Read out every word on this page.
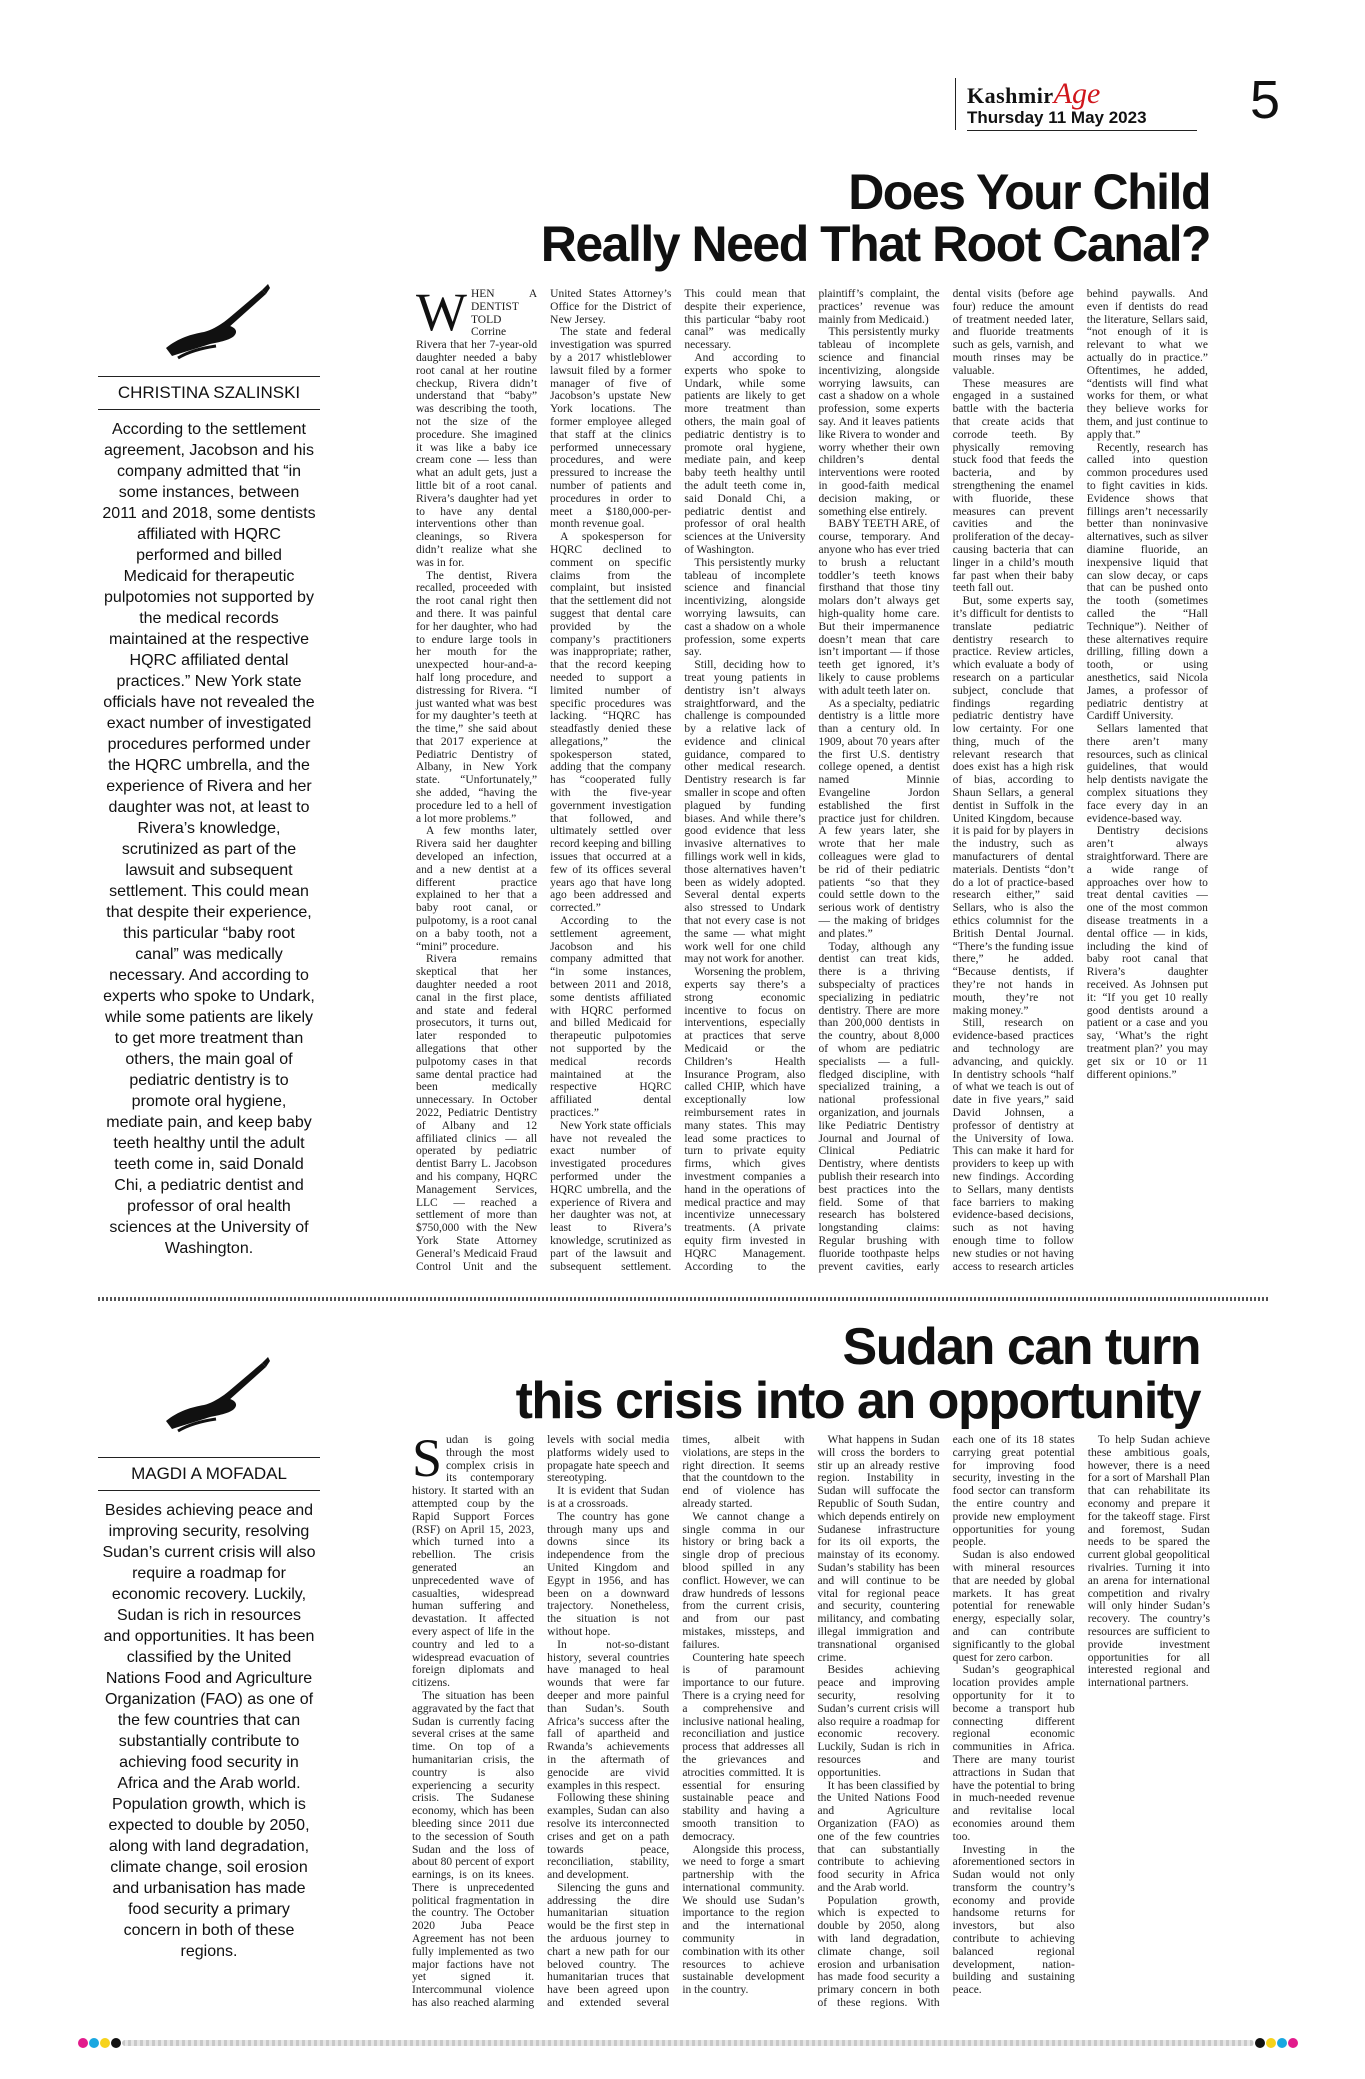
KashmirAge
Thursday 11 May 2023 5
Does Your Child
Really Need That Root Canal?
CHRISTINA SZALINSKI

According to the settlement agreement, Jacobson and his company admitted that “in some instances, between 2011 and 2018, some dentists affiliated with HQRC performed and billed Medicaid for therapeutic pulpotomies not supported by the medical records maintained at the respective HQRC affiliated dental practices.” New York state officials have not revealed the exact number of investigated procedures performed under the HQRC umbrella, and the experience of Rivera and her daughter was not, at least to Rivera’s knowledge, scrutinized as part of the lawsuit and subsequent settlement. This could mean that despite their experience, this particular “baby root canal” was medically necessary. And according to experts who spoke to Undark, while some patients are likely to get more treatment than others, the main goal of pediatric dentistry is to promote oral hygiene, mediate pain, and keep baby teeth healthy until the adult teeth come in, said Donald Chi, a pediatric dentist and professor of oral health sciences at the University of Washington.

WHEN A DENTIST TOLD Corrine Rivera that her 7-year-old daughter needed a baby root canal at her routine checkup, Rivera didn’t understand that “baby” was describing the tooth, not the size of the procedure. She imagined it was like a baby ice cream cone — less than what an adult gets, just a little bit of a root canal. Rivera’s daughter had yet to have any dental interventions other than cleanings, so Rivera didn’t realize what she was in for.

The dentist, Rivera recalled, proceeded with the root canal right then and there. It was painful for her daughter, who had to endure large tools in her mouth for the unexpected hour-and-a-half long procedure, and distressing for Rivera. “I just wanted what was best for my daughter’s teeth at the time,” she said about that 2017 experience at Pediatric Dentistry of Albany, in New York state. “Unfortunately,” she added, “having the procedure led to a hell of a lot more problems.”

A few months later, Rivera said her daughter developed an infection, and a new dentist at a different practice explained to her that a baby root canal, or pulpotomy, is a root canal on a baby tooth, not a “mini” procedure.

Rivera remains skeptical that her daughter needed a root canal in the first place, and state and federal prosecutors, it turns out, later responded to allegations that other pulpotomy cases in that same dental practice had been medically unnecessary. In October 2022, Pediatric Dentistry of Albany and 12 affiliated clinics — all operated by pediatric dentist Barry L. Jacobson and his company, HQRC Management Services, LLC — reached a settlement of more than $750,000 with the New York State Attorney General’s Medicaid Fraud Control Unit and the United States Attorney’s Office for the District of New Jersey.

The state and federal investigation was spurred by a 2017 whistleblower lawsuit filed by a former manager of five of Jacobson’s upstate New York locations. The former employee alleged that staff at the clinics performed unnecessary procedures, and were pressured to increase the number of patients and procedures in order to meet a $180,000-per-month revenue goal.

A spokesperson for HQRC declined to comment on specific claims from the complaint, but insisted that the settlement did not suggest that dental care provided by the company’s practitioners was inappropriate; rather, that the record keeping needed to support a limited number of specific procedures was lacking. “HQRC has steadfastly denied these allegations,” the spokesperson stated, adding that the company has “cooperated fully with the five-year government investigation that followed, and ultimately settled over record keeping and billing issues that occurred at a few of its offices several years ago that have long ago been addressed and corrected.”

According to the settlement agreement, Jacobson and his company admitted that “in some instances, between 2011 and 2018, some dentists affiliated with HQRC performed and billed Medicaid for therapeutic pulpotomies not supported by the medical records maintained at the respective HQRC affiliated dental practices.”

New York state officials have not revealed the exact number of investigated procedures performed under the HQRC umbrella, and the experience of Rivera and her daughter was not, at least to Rivera’s knowledge, scrutinized as part of the lawsuit and subsequent settlement. This could mean that despite their experience, this particular “baby root canal” was medically necessary.

And according to experts who spoke to Undark, while some patients are likely to get more treatment than others, the main goal of pediatric dentistry is to promote oral hygiene, mediate pain, and keep baby teeth healthy until the adult teeth come in, said Donald Chi, a pediatric dentist and professor of oral health sciences at the University of Washington.

This persistently murky tableau of incomplete science and financial incentivizing, alongside worrying lawsuits, can cast a shadow on a whole profession, some experts say.

Still, deciding how to treat young patients in dentistry isn’t always straightforward, and the challenge is compounded by a relative lack of evidence and clinical guidance, compared to other medical research. Dentistry research is far smaller in scope and often plagued by funding biases. And while there’s good evidence that less invasive alternatives to fillings work well in kids, those alternatives haven’t been as widely adopted. Several dental experts also stressed to Undark that not every case is not the same — what might work well for one child may not work for another.

Worsening the problem, experts say there’s a strong economic incentive to focus on interventions, especially at practices that serve Medicaid or the Children’s Health Insurance Program, also called CHIP, which have exceptionally low reimbursement rates in many states. This may lead some practices to turn to private equity firms, which gives investment companies a hand in the operations of medical practice and may incentivize unnecessary treatments. (A private equity firm invested in HQRC Management. According to the plaintiff’s complaint, the practices’ revenue was mainly from Medicaid.)

This persistently murky tableau of incomplete science and financial incentivizing, alongside worrying lawsuits, can cast a shadow on a whole profession, some experts say. And it leaves patients like Rivera to wonder and worry whether their own children’s dental interventions were rooted in good-faith medical decision making, or something else entirely.

BABY TEETH ARE, of course, temporary. And anyone who has ever tried to brush a reluctant toddler’s teeth knows firsthand that those tiny molars don’t always get high-quality home care. But their impermanence doesn’t mean that care isn’t important — if those teeth get ignored, it’s likely to cause problems with adult teeth later on.

As a specialty, pediatric dentistry is a little more than a century old. In 1909, about 70 years after the first U.S. dentistry college opened, a dentist named Minnie Evangeline Jordon established the first practice just for children. A few years later, she wrote that her male colleagues were glad to be rid of their pediatric patients “so that they could settle down to the serious work of dentistry — the making of bridges and plates.”

Today, although any dentist can treat kids, there is a thriving subspecialty of practices specializing in pediatric dentistry. There are more than 200,000 dentists in the country, about 8,000 of whom are pediatric specialists — a full-fledged discipline, with specialized training, a national professional organization, and journals like Pediatric Dentistry Journal and Journal of Clinical Pediatric Dentistry, where dentists publish their research into best practices into the field. Some of that research has bolstered longstanding claims: Regular brushing with fluoride toothpaste helps prevent cavities, early dental visits (before age four) reduce the amount of treatment needed later, and fluoride treatments such as gels, varnish, and mouth rinses may be valuable.

These measures are engaged in a sustained battle with the bacteria that create acids that corrode teeth. By physically removing stuck food that feeds the bacteria, and by strengthening the enamel with fluoride, these measures can prevent cavities and the proliferation of the decay-causing bacteria that can linger in a child’s mouth far past when their baby teeth fall out.

But, some experts say, it’s difficult for dentists to translate pediatric dentistry research to practice. Review articles, which evaluate a body of research on a particular subject, conclude that findings regarding pediatric dentistry have low certainty. For one thing, much of the relevant research that does exist has a high risk of bias, according to Shaun Sellars, a general dentist in Suffolk in the United Kingdom, because it is paid for by players in the industry, such as manufacturers of dental materials. Dentists “don’t do a lot of practice-based research either,” said Sellars, who is also the ethics columnist for the British Dental Journal. “There’s the funding issue there,” he added. “Because dentists, if they’re not hands in mouth, they’re not making money.”

Still, research on evidence-based practices and technology are advancing, and quickly. In dentistry schools “half of what we teach is out of date in five years,” said David Johnsen, a professor of dentistry at the University of Iowa. This can make it hard for providers to keep up with new findings. According to Sellars, many dentists face barriers to making evidence-based decisions, such as not having enough time to follow new studies or not having access to research articles behind paywalls. And even if dentists do read the literature, Sellars said, “not enough of it is relevant to what we actually do in practice.” Oftentimes, he added, “dentists will find what works for them, or what they believe works for them, and just continue to apply that.”

Recently, research has called into question common procedures used to fight cavities in kids. Evidence shows that fillings aren’t necessarily better than noninvasive alternatives, such as silver diamine fluoride, an inexpensive liquid that can slow decay, or caps that can be pushed onto the tooth (sometimes called the “Hall Technique”). Neither of these alternatives require drilling, filling down a tooth, or using anesthetics, said Nicola James, a professor of pediatric dentistry at Cardiff University.

Sellars lamented that there aren’t many resources, such as clinical guidelines, that would help dentists navigate the complex situations they face every day in an evidence-based way.

Dentistry decisions aren’t always straightforward. There are a wide range of approaches over how to treat dental cavities — one of the most common disease treatments in a dental office — in kids, including the kind of baby root canal that Rivera’s daughter received. As Johnsen put it: “If you get 10 really good dentists around a patient or a case and you say, ‘What’s the right treatment plan?’ you may get six or 10 or 11 different opinions.”

Sudan can turn
this crisis into an opportunity
MAGDI A MOFADAL

Besides achieving peace and improving security, resolving Sudan’s current crisis will also require a roadmap for economic recovery. Luckily, Sudan is rich in resources and opportunities. It has been classified by the United Nations Food and Agriculture Organization (FAO) as one of the few countries that can substantially contribute to achieving food security in Africa and the Arab world. Population growth, which is expected to double by 2050, along with land degradation, climate change, soil erosion and urbanisation has made food security a primary concern in both of these regions.

Sudan is going through the most complex crisis in its contemporary history. It started with an attempted coup by the Rapid Support Forces (RSF) on April 15, 2023, which turned into a rebellion. The crisis generated an unprecedented wave of casualties, widespread human suffering and devastation. It affected every aspect of life in the country and led to a widespread evacuation of foreign diplomats and citizens.

The situation has been aggravated by the fact that Sudan is currently facing several crises at the same time. On top of a humanitarian crisis, the country is also experiencing a security crisis. The Sudanese economy, which has been bleeding since 2011 due to the secession of South Sudan and the loss of about 80 percent of export earnings, is on its knees. There is unprecedented political fragmentation in the country. The October 2020 Juba Peace Agreement has not been fully implemented as two major factions have not yet signed it. Intercommunal violence has also reached alarming levels with social media platforms widely used to propagate hate speech and stereotyping.

It is evident that Sudan is at a crossroads.

The country has gone through many ups and downs since its independence from the United Kingdom and Egypt in 1956, and has been on a downward trajectory. Nonetheless, the situation is not without hope.

In not-so-distant history, several countries have managed to heal wounds that were far deeper and more painful than Sudan’s. South Africa’s success after the fall of apartheid and Rwanda’s achievements in the aftermath of genocide are vivid examples in this respect.

Following these shining examples, Sudan can also resolve its interconnected crises and get on a path towards peace, reconciliation, stability, and development.

Silencing the guns and addressing the dire humanitarian situation would be the first step in the arduous journey to chart a new path for our beloved country. The humanitarian truces that have been agreed upon and extended several times, albeit with violations, are steps in the right direction. It seems that the countdown to the end of violence has already started.

We cannot change a single comma in our history or bring back a single drop of precious blood spilled in any conflict. However, we can draw hundreds of lessons from the current crisis, and from our past mistakes, missteps, and failures.

Countering hate speech is of paramount importance to our future. There is a crying need for a comprehensive and inclusive national healing, reconciliation and justice process that addresses all the grievances and atrocities committed. It is essential for ensuring sustainable peace and stability and having a smooth transition to democracy.

Alongside this process, we need to forge a smart partnership with the international community. We should use Sudan’s importance to the region and the international community in combination with its other resources to achieve sustainable development in the country.

What happens in Sudan will cross the borders to stir up an already restive region. Instability in Sudan will suffocate the Republic of South Sudan, which depends entirely on Sudanese infrastructure for its oil exports, the mainstay of its economy. Sudan’s stability has been and will continue to be vital for regional peace and security, countering militancy, and combating illegal immigration and transnational organised crime.

Besides achieving peace and improving security, resolving Sudan’s current crisis will also require a roadmap for economic recovery. Luckily, Sudan is rich in resources and opportunities.

It has been classified by the United Nations Food and Agriculture Organization (FAO) as one of the few countries that can substantially contribute to achieving food security in Africa and the Arab world.

Population growth, which is expected to double by 2050, along with land degradation, climate change, soil erosion and urbanisation has made food security a primary concern in both of these regions. With each one of its 18 states carrying great potential for improving food security, investing in the food sector can transform the entire country and provide new employment opportunities for young people.

Sudan is also endowed with mineral resources that are needed by global markets. It has great potential for renewable energy, especially solar, and can contribute significantly to the global quest for zero carbon.

Sudan’s geographical location provides ample opportunity for it to become a transport hub connecting different regional economic communities in Africa. There are many tourist attractions in Sudan that have the potential to bring in much-needed revenue and revitalise local economies around them too.

Investing in the aforementioned sectors in Sudan would not only transform the country’s economy and provide handsome returns for investors, but also contribute to achieving balanced regional development, nation-building and sustaining peace.

To help Sudan achieve these ambitious goals, however, there is a need for a sort of Marshall Plan that can rehabilitate its economy and prepare it for the takeoff stage. First and foremost, Sudan needs to be spared the current global geopolitical rivalries. Turning it into an arena for international competition and rivalry will only hinder Sudan’s recovery. The country’s resources are sufficient to provide investment opportunities for all interested regional and international partners.
